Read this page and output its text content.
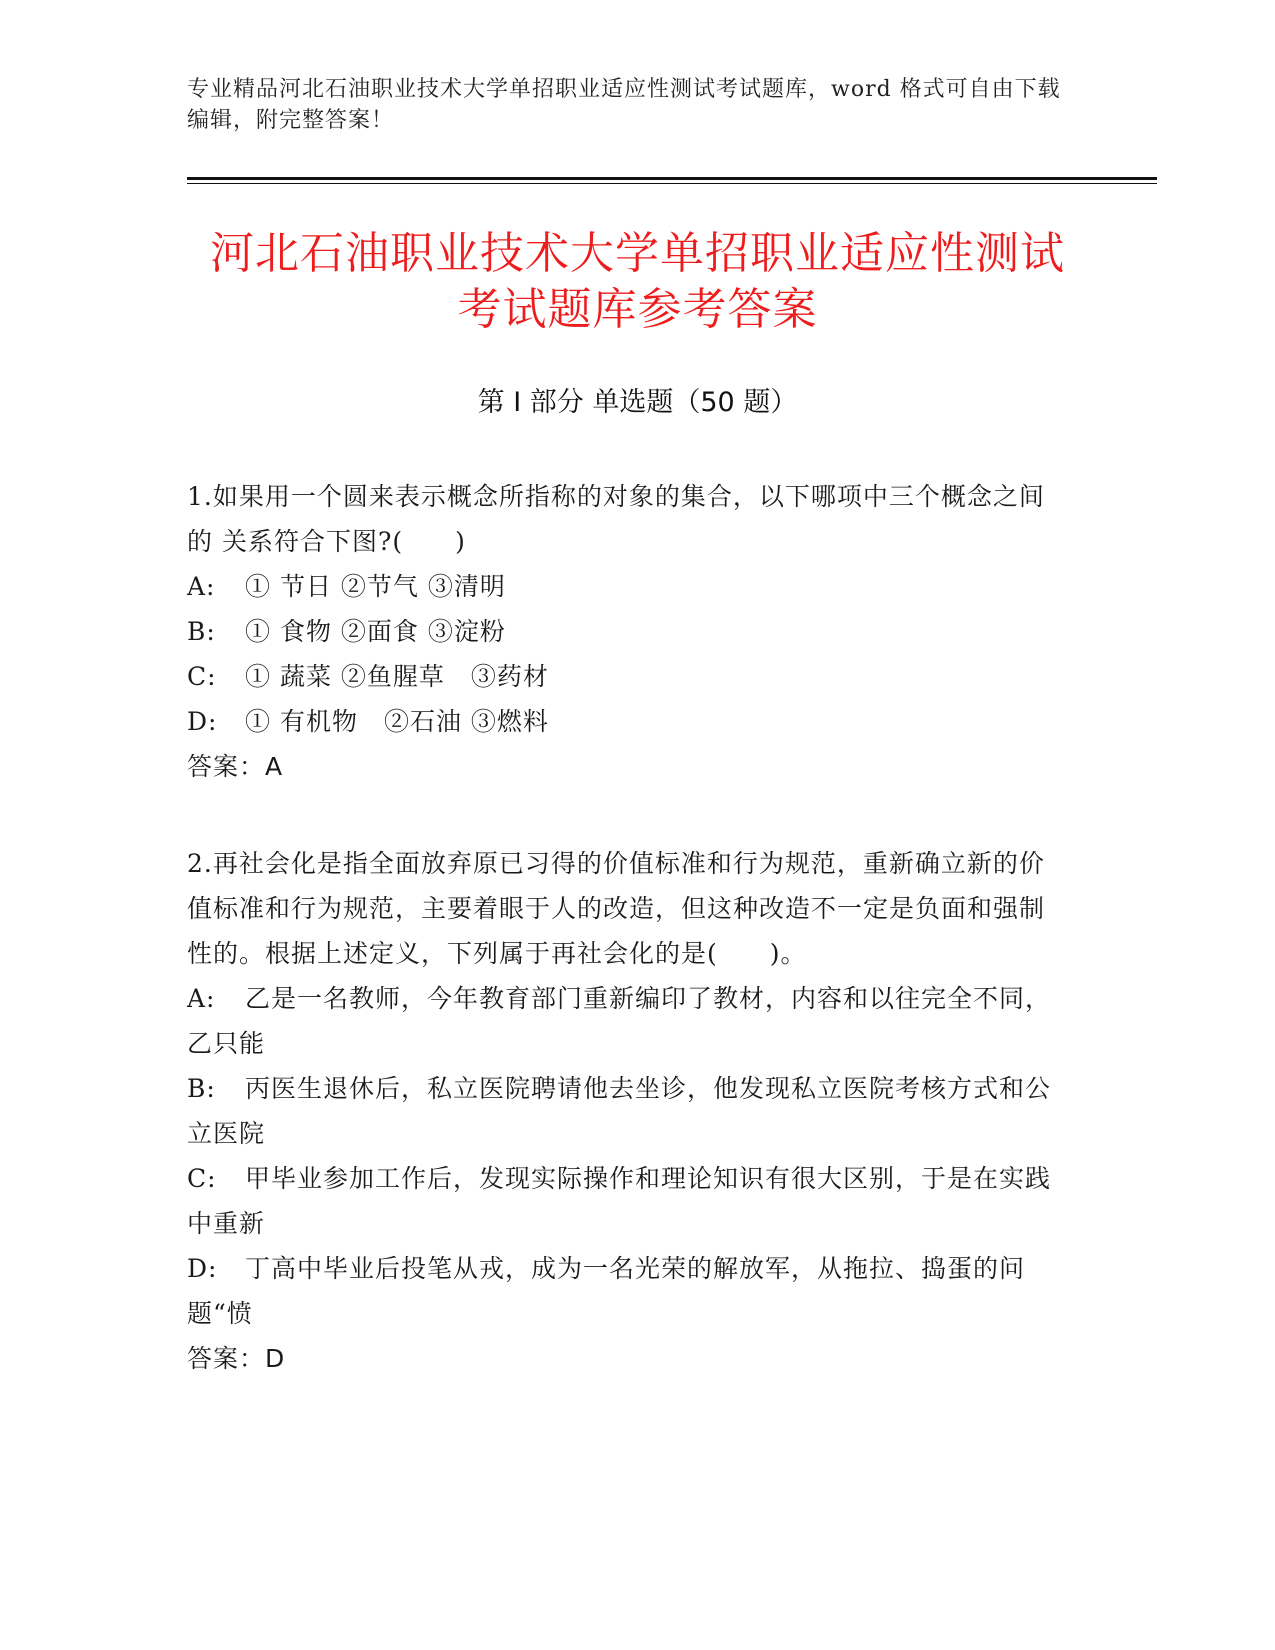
专业精品河北石油职业技术大学单招职业适应性测试考试题库，word 格式可自由下载编辑，附完整答案！
河北石油职业技术大学单招职业适应性测试
考试题库参考答案
第 I 部分 单选题（50 题）

1.如果用一个圆来表示概念所指称的对象的集合，以下哪项中三个概念之间的 关系符合下图?(　　)

A: ① 节日 ②节气 ③清明

B: ① 食物 ②面食 ③淀粉

C: ① 蔬菜 ②鱼腥草　③药材

D: ① 有机物　②石油 ③燃料

答案：A

2.再社会化是指全面放弃原已习得的价值标准和行为规范，重新确立新的价值标准和行为规范，主要着眼于人的改造，但这种改造不一定是负面和强制性的。根据上述定义，下列属于再社会化的是(　　)。

A: 乙是一名教师，今年教育部门重新编印了教材，内容和以往完全不同，乙只能

B: 丙医生退休后，私立医院聘请他去坐诊，他发现私立医院考核方式和公立医院

C: 甲毕业参加工作后，发现实际操作和理论知识有很大区别，于是在实践中重新

D: 丁高中毕业后投笔从戎，成为一名光荣的解放军，从拖拉、捣蛋的问题“愤

答案：D
